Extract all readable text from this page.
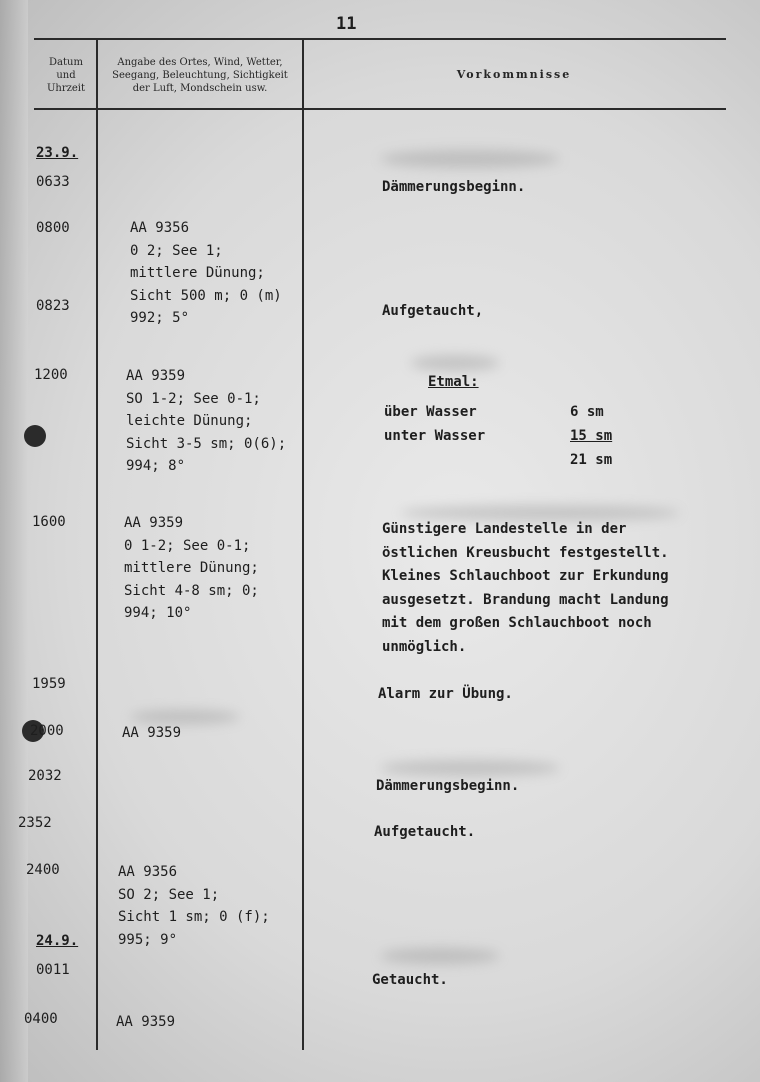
11
Datum
und
Uhrzeit
Angabe des Ortes, Wind, Wetter,
Seegang, Beleuchtung, Sichtigkeit
der Luft, Mondschein usw.
Vorkommnisse
23.9.
24.9.
0633
0800
0823
1200
1600
1959
2000
2032
2352
2400
0011
0400
AA 9356
0 2; See 1;
mittlere Dünung;
Sicht 500 m; 0 (m)
992; 5°
AA 9359
SO 1-2; See 0-1;
leichte Dünung;
Sicht 3-5 sm; 0(6);
994; 8°
AA 9359
0 1-2; See 0-1;
mittlere Dünung;
Sicht 4-8 sm; 0;
994; 10°
AA 9359
AA 9356
SO 2; See 1;
Sicht 1 sm; 0 (f);
995; 9°
AA 9359
Dämmerungsbeginn.
Aufgetaucht,
Günstigere Landestelle in der
östlichen Kreusbucht festgestellt.
Kleines Schlauchboot zur Erkundung
ausgesetzt. Brandung macht Landung
mit dem großen Schlauchboot noch
unmöglich.
Alarm zur Übung.
Dämmerungsbeginn.
Aufgetaucht.
Getaucht.
Etmal:
über Wasser	6 sm
unter Wasser	15 sm
21 sm
